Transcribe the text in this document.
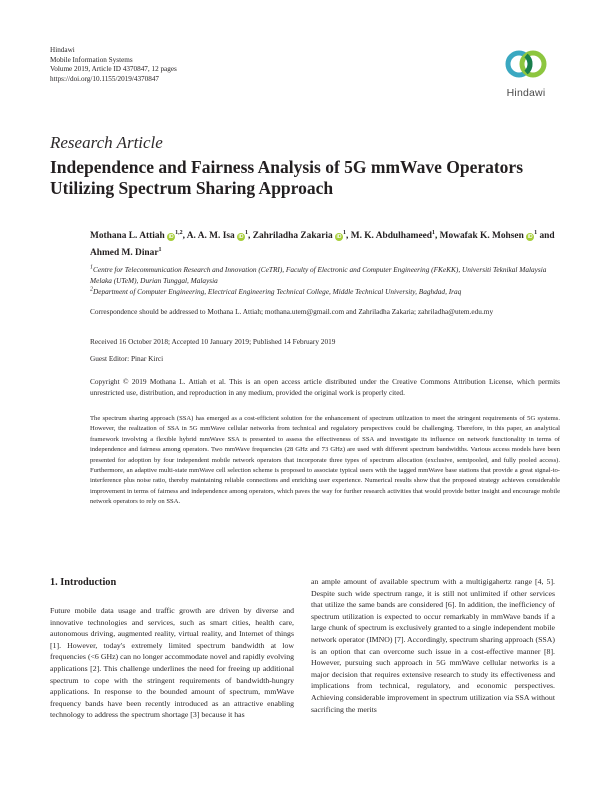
Hindawi
Mobile Information Systems
Volume 2019, Article ID 4370847, 12 pages
https://doi.org/10.1155/2019/4370847
Hindawi
Research Article
Independence and Fairness Analysis of 5G mmWave Operators Utilizing Spectrum Sharing Approach
Mothana L. Attiah iD$^{1,2}$, A. A. M. Isa $iD^1$, Zahriladha Zakaria $iD^1$, M. K. Abdulhameed$^1$, Mowafak K. Mohsen $iD^1$ and Ahmed M. Dinar$^1$
$^1$Centre for Telecommunication Research and Innovation (CeTRI), Faculty of Electronic and Computer Engineering (FKeKK), Universiti Teknikal Malaysia Melaka (UTeM), Durian Tunggal, Malaysia
$^2$Department of Computer Engineering, Electrical Engineering Technical College, Middle Technical University, Baghdad, Iraq
Correspondence should be addressed to Mothana L. Attiah; mothana.utem@gmail.com and Zahriladha Zakaria; zahriladha@utem.edu.my
Received 16 October 2018; Accepted 10 January 2019; Published 14 February 2019
Guest Editor: Pinar Kirci
Copyright © 2019 Mothana L. Attiah et al. This is an open access article distributed under the Creative Commons Attribution License, which permits unrestricted use, distribution, and reproduction in any medium, provided the original work is properly cited.
The spectrum sharing approach (SSA) has emerged as a cost-efficient solution for the enhancement of spectrum utilization to meet the stringent requirements of 5G systems. However, the realization of SSA in 5G mmWave cellular networks from technical and regulatory perspectives could be challenging. Therefore, in this paper, an analytical framework involving a flexible hybrid mmWave SSA is presented to assess the effectiveness of SSA and investigate its influence on network functionality in terms of independence and fairness among operators. Two mmWave frequencies (28 GHz and 73 GHz) are used with different spectrum bandwidths. Various access models have been presented for adoption by four independent mobile network operators that incorporate three types of spectrum allocation (exclusive, semipooled, and fully pooled access). Furthermore, an adaptive multi-state mmWave cell selection scheme is proposed to associate typical users with the tagged mmWave base stations that provide a great signal-to-interference plus noise ratio, thereby maintaining reliable connections and enriching user experience. Numerical results show that the proposed strategy achieves considerable improvement in terms of fairness and independence among operators, which paves the way for further research activities that would provide better insight and encourage mobile network operators to rely on SSA.
1. Introduction
Future mobile data usage and traffic growth are driven by diverse and innovative technologies and services, such as smart cities, health care, autonomous driving, augmented reality, virtual reality, and Internet of things [1]. However, today's extremely limited spectrum bandwidth at low frequencies (<6 GHz) can no longer accommodate novel and rapidly evolving applications [2]. This challenge underlines the need for freeing up additional spectrum to cope with the stringent requirements of bandwidth-hungry applications. In response to the bounded amount of spectrum, mmWave frequency bands have been recently introduced as an attractive enabling technology to address the spectrum shortage [3] because it has
an ample amount of available spectrum with a multigigahertz range [4, 5]. Despite such wide spectrum range, it is still not unlimited if other services that utilize the same bands are considered [6]. In addition, the inefficiency of spectrum utilization is expected to occur remarkably in mmWave bands if a large chunk of spectrum is exclusively granted to a single independent mobile network operator (IMNO) [7]. Accordingly, spectrum sharing approach (SSA) is an option that can overcome such issue in a cost-effective manner [8]. However, pursuing such approach in 5G mmWave cellular networks is a major decision that requires extensive research to study its effectiveness and implications from technical, regulatory, and economic perspectives. Achieving considerable improvement in spectrum utilization via SSA without sacrificing the merits
